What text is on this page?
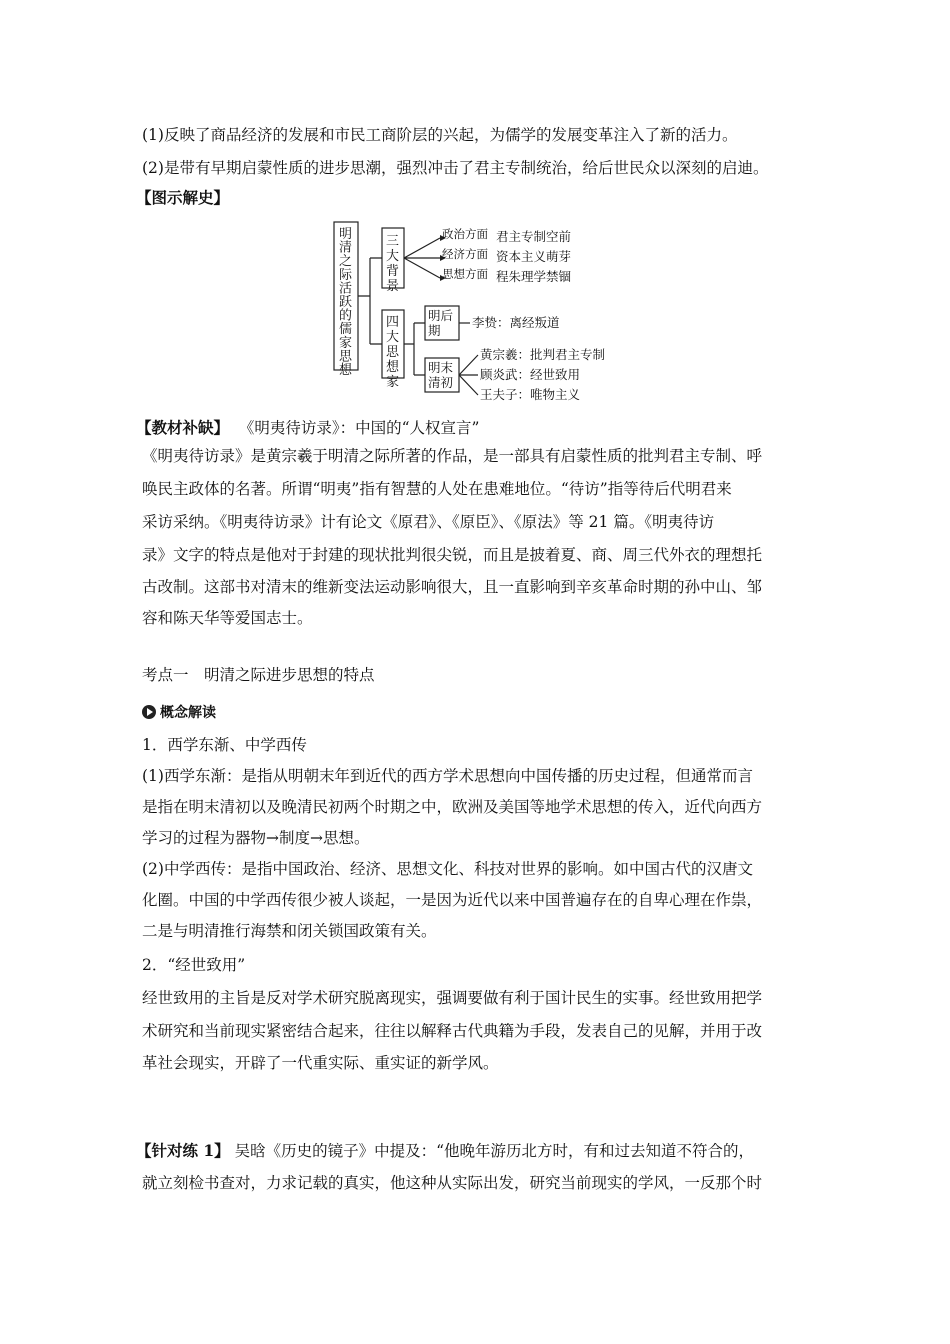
(1)反映了商品经济的发展和市民工商阶层的兴起，为儒学的发展变革注入了新的活力。
(2)是带有早期启蒙性质的进步思潮，强烈冲击了君主专制统治，给后世民众以深刻的启迪。
【图示解史】
明
清
之
际
活
跃
的
儒
家
思
想
三
大
背
景
四
大
思
想
家
明后
期
明末
清初
政治方面
经济方面
思想方面
君主专制空前
资本主义萌芽
程朱理学禁锢
李贽：离经叛道
黄宗羲：批判君主专制
顾炎武：经世致用
王夫子：唯物主义
【教材补缺】 《明夷待访录》：中国的“人权宣言”
《明夷待访录》是黄宗羲于明清之际所著的作品，是一部具有启蒙性质的批判君主专制、呼
唤民主政体的名著。所谓“明夷”指有智慧的人处在患难地位。“待访”指等待后代明君来
采访采纳。《明夷待访录》计有论文《原君》、《原臣》、《原法》等 21 篇。《明夷待访
录》文字的特点是他对于封建的现状批判很尖锐，而且是披着夏、商、周三代外衣的理想托
古改制。这部书对清末的维新变法运动影响很大，且一直影响到辛亥革命时期的孙中山、邹
容和陈天华等爱国志士。
考点一　明清之际进步思想的特点
概念解读
1．西学东渐、中学西传
(1)西学东渐：是指从明朝末年到近代的西方学术思想向中国传播的历史过程，但通常而言
是指在明末清初以及晚清民初两个时期之中，欧洲及美国等地学术思想的传入，近代向西方
学习的过程为器物→制度→思想。
(2)中学西传：是指中国政治、经济、思想文化、科技对世界的影响。如中国古代的汉唐文
化圈。中国的中学西传很少被人谈起，一是因为近代以来中国普遍存在的自卑心理在作祟，
二是与明清推行海禁和闭关锁国政策有关。
2．“经世致用”
经世致用的主旨是反对学术研究脱离现实，强调要做有利于国计民生的实事。经世致用把学
术研究和当前现实紧密结合起来，往往以解释古代典籍为手段，发表自己的见解，并用于改
革社会现实，开辟了一代重实际、重实证的新学风。
【针对练 1】 吴晗《历史的镜子》中提及：“他晚年游历北方时，有和过去知道不符合的，
就立刻检书查对，力求记载的真实，他这种从实际出发，研究当前现实的学风，一反那个时
